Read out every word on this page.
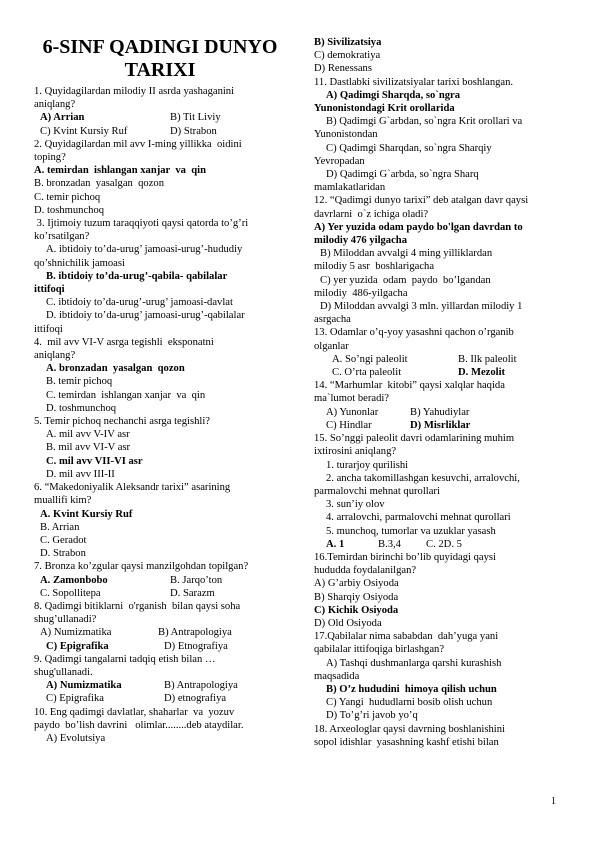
6-SINF QADINGI DUNYO
TARIXI
1. Quyidagilardan milodiy II asrda yashaganini
aniqlang?
A) Arrian	B) Tit Liviy
C) Kvint Kursiy Ruf	D) Strabon
2. Quyidagilardan mil avv I-ming yillikka  oidini
toping?
A. temirdan  ishlangan xanjar  va  qin
B. bronzadan  yasalgan  qozon
C. temir pichoq
D. toshmunchoq
3. Ijtimoiy tuzum taraqqiyoti qaysi qatorda to’g’ri
ko’rsatilgan?
A. ibtidoiy to’da-urug’ jamoasi-urug’-hududiy
qo’shnichilik jamoasi
B. ibtidoiy to’da-urug’-qabila- qabilalar
ittifoqi
C. ibtidoiy to’da-urug’-urug’ jamoasi-davlat
D. ibtidoiy to’da-urug’ jamoasi-urug’-qabilalar
ittifoqi
4.  mil avv VI-V asrga tegishli  eksponatni
aniqlang?
A. bronzadan  yasalgan  qozon
B. temir pichoq
C. temirdan  ishlangan xanjar  va  qin
D. toshmunchoq
5. Temir pichoq nechanchi asrga tegishli?
A. mil avv V-IV asr
B. mil avv VI-V asr
C. mil avv VII-VI asr
D. mil avv III-II
6. “Makedoniyalik Aleksandr tarixi” asarining
muallifi kim?
A. Kvint Kursiy Ruf
B. Arrian
C. Geradot
D. Strabon
7. Bronza ko’zgular qaysi manzilgohdan topilgan?
A. Zamonbobo	B. Jarqo’ton
C. Sopollitepa	D. Sarazm
8. Qadimgi bitiklarni  o'rganish  bilan qaysi soha
shug’ullanadi?
A) Numizmatika	B) Antrapologiya
C) Epigrafika	D) Etnografiya
9. Qadimgi tangalarni tadqiq etish bilan …
shug'ullanadi.
A) Numizmatika	B) Antrapologiya
C) Epigrafika	D) etnografiya
10. Eng qadimgi davlatlar, shaharlar  va  yozuv
paydo  bo’lish davrini   olimlar........deb ataydilar.
A) Evolutsiya
B) Sivilizatsiya
C) demokratiya
D) Renessans
11. Dastlabki sivilizatsiyalar tarixi boshlangan.
A) Qadimgi Sharqda, so`ngra
Yunonistondagi Krit orollarida
B) Qadimgi G`arbdan, so`ngra Krit orollari va
Yunonistondan
C) Qadimgi Sharqdan, so`ngra Sharqiy
Yevropadan
D) Qadimgi G`arbda, so`ngra Sharq
mamlakatlaridan
12. “Qadimgi dunyo tarixi” deb atalgan davr qaysi
davrlarni  o`z ichiga oladi?
A) Yer yuzida odam paydo bo'lgan davrdan to
milodiy 476 yilgacha
B) Miloddan avvalgi 4 ming yilliklardan
milodiy 5 asr  boshlarigacha
C) yer yuzida  odam  paydo  bo’lgandan
milodiy  486-yilgacha
D) Miloddan avvalgi 3 mln. yillardan milodiy 1
asrgacha
13. Odamlar o’q-yoy yasashni qachon o’rganib
olganlar
A. So’ngi paleolit	B. Ilk paleolit
C. O’rta paleolit	D. Mezolit
14. “Marhumlar  kitobi” qaysi xalqlar haqida
ma`lumot beradi?
A) Yunonlar	B) Yahudiylar
C) Hindlar	D) Misrliklar
15. So’nggi paleolit davri odamlarining muhim
ixtirosini aniqlang?
1. turarjoy qurilishi
2. ancha takomillashgan kesuvchi, arralovchi,
parmalovchi mehnat qurollari
3. sun’iy olov
4. arralovchi, parmalovchi mehnat qurollari
5. munchoq, tumorlar va uzuklar yasash
A. 1	B.3,4	C. 2 D. 5
16.Temirdan birinchi bo’lib quyidagi qaysi
hududda foydalanilgan?
A) G’arbiy Osiyoda
B) Sharqiy Osiyoda
C) Kichik Osiyoda
D) Old Osiyoda
17.Qabilalar nima sababdan  dah’yuga yani
qabilalar ittifoqiga birlashgan?
A) Tashqi dushmanlarga qarshi kurashish
maqsadida
B) O’z hududini  himoya qilish uchun
C) Yangi  hududlarni bosib olish uchun
D) To’g’ri javob yo’q
18. Arxeologlar qaysi davrning boshlanishini
sopol idishlar  yasashning kashf etishi bilan
1
